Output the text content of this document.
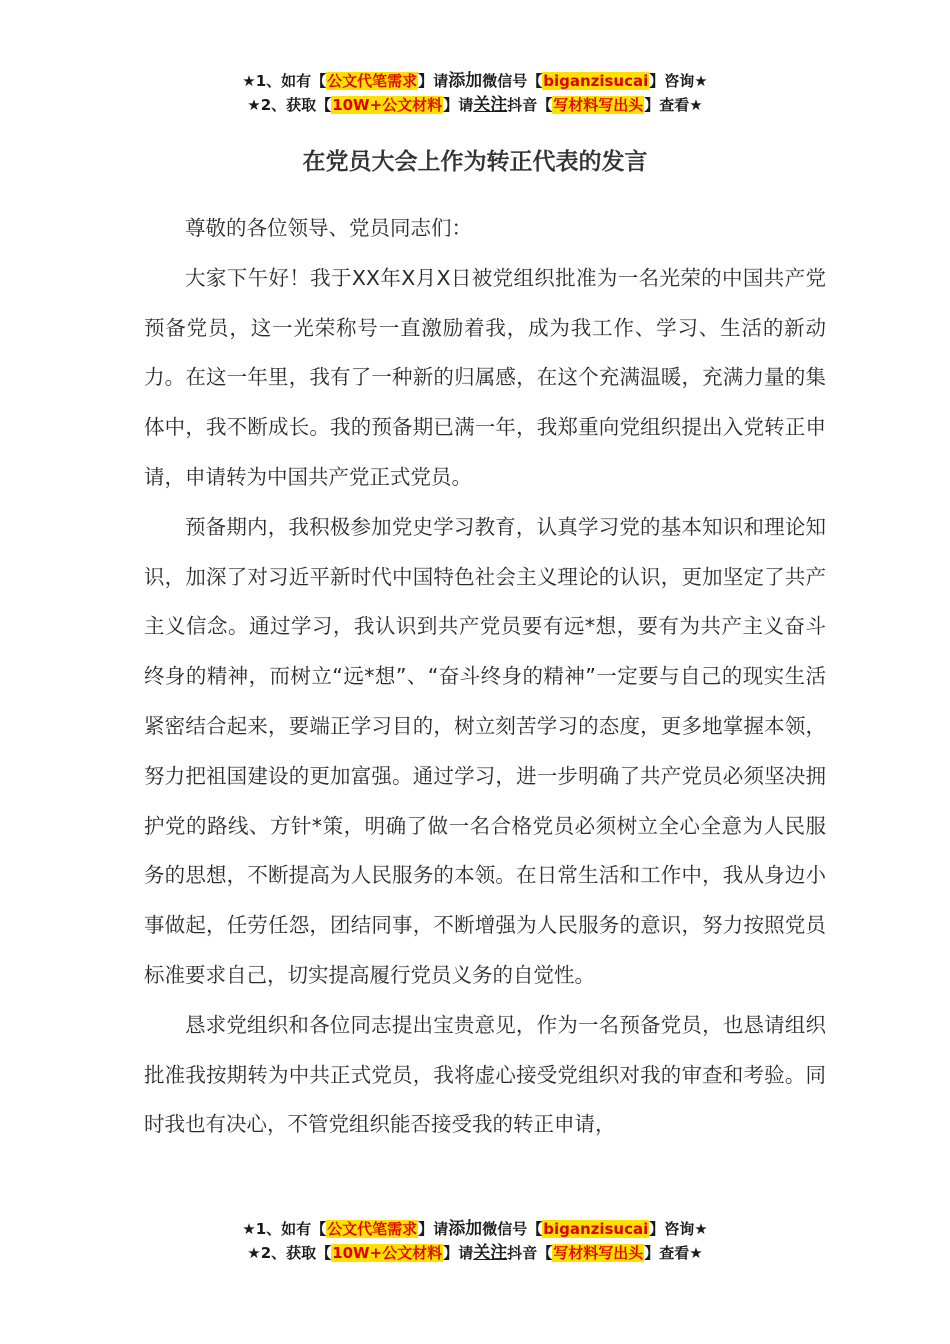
★1、如有【公文代笔需求】请添加微信号【biganzisucai】咨询★
★2、获取【10W+公文材料】请关注抖音【写材料写出头】查看★
在党员大会上作为转正代表的发言

尊敬的各位领导、党员同志们：

大家下午好！我于XX年X月X日被党组织批准为一名光荣的中国共产党预备党员，这一光荣称号一直激励着我，成为我工作、学习、生活的新动力。在这一年里，我有了一种新的归属感，在这个充满温暖，充满力量的集体中，我不断成长。我的预备期已满一年，我郑重向党组织提出入党转正申请，申请转为中国共产党正式党员。

预备期内，我积极参加党史学习教育，认真学习党的基本知识和理论知识，加深了对习近平新时代中国特色社会主义理论的认识，更加坚定了共产主义信念。通过学习，我认识到共产党员要有远*想，要有为共产主义奋斗终身的精神，而树立“远*想”、“奋斗终身的精神”一定要与自己的现实生活紧密结合起来，要端正学习目的，树立刻苦学习的态度，更多地掌握本领，努力把祖国建设的更加富强。通过学习，进一步明确了共产党员必须坚决拥护党的路线、方针*策，明确了做一名合格党员必须树立全心全意为人民服务的思想，不断提高为人民服务的本领。在日常生活和工作中，我从身边小事做起，任劳任怨，团结同事，不断增强为人民服务的意识，努力按照党员标准要求自己，切实提高履行党员义务的自觉性。

恳求党组织和各位同志提出宝贵意见，作为一名预备党员，也恳请组织批准我按期转为中共正式党员，我将虚心接受党组织对我的审查和考验。同时我也有决心，不管党组织能否接受我的转正申请，

★1、如有【公文代笔需求】请添加微信号【biganzisucai】咨询★
★2、获取【10W+公文材料】请关注抖音【写材料写出头】查看★
